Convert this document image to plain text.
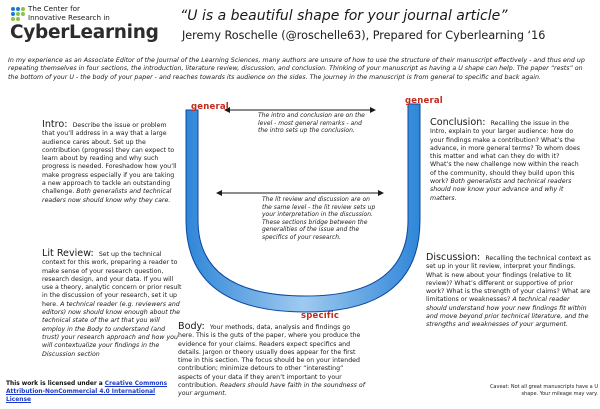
The Center for
Innovative Research in
CyberLearning
“U is a beautiful shape for your journal article”
Jeremy Roschelle (@roschelle63), Prepared for Cyberlearning ‘16
In my experience as an Associate Editor of the Journal of the Learning Sciences, many authors are unsure of how to use the structure of their manuscript effectively - and thus end up repeating themselves in four sections, the introduction, literature review, discussion, and conclusion. Thinking of your manuscript as having a U shape can help. The paper “rests” on the bottom of your U - the body of your paper - and reaches towards its audience on the sides. The journey in the manuscript is from general to specific and back again.
general
general
specific
The intro and conclusion are on the level - most general remarks - and the intro sets up the conclusion.
The lit review and discussion are on the same level - the lit review sets up your interpretation in the discussion. These sections bridge between the generalities of the issue and the specifics of your research.
Intro: Describe the issue or problem that you’ll address in a way that a large audience cares about. Set up the contribution (progress) they can expect to learn about by reading and why such progress is needed. Foreshadow how you’ll make progress especially if you are taking a new approach to tackle an outstanding challenge. Both generalists and technical readers now should know why they care.
Lit Review: Set up the technical context for this work, preparing a reader to make sense of your research question, research design, and your data. If you will use a theory, analytic concern or prior result in the discussion of your research, set it up here. A technical reader (e.g. reviewers and editors) now should know enough about the technical state of the art that you will employ in the Body to understand (and trust) your research approach and how you will contextualize your findings in the Discussion section
Body: Your methods, data, analysis and findings go here. This is the guts of the paper, where you produce the evidence for your claims. Readers expect specifics and details. Jargon or theory usually does appear for the first time in this section. The focus should be on your intended contribution; minimize detours to other “interesting” aspects of your data if they aren’t important to your contribution. Readers should have faith in the soundness of your argument.
Conclusion: Recalling the issue in the Intro, explain to your larger audience: how do your findings make a contribution? What’s the advance, in more general terms? To whom does this matter and what can they do with it? What’s the new challenge now within the reach of the community, should they build upon this work? Both generalists and technical readers should now know your advance and why it matters.
Discussion: Recalling the technical context as set up in your lit review, interpret your findings. What is new about your findings (relative to lit review)? What’s different or supportive of prior work? What is the strength of your claims? What are limitations or weaknesses? A technical reader should understand how your new findings fit within and move beyond prior technical literature, and the strengths and weaknesses of your argument.
This work is licensed under a Creative Commons Attribution-NonCommercial 4.0 International License
Caveat: Not all great manuscripts have a U shape. Your mileage may vary.
